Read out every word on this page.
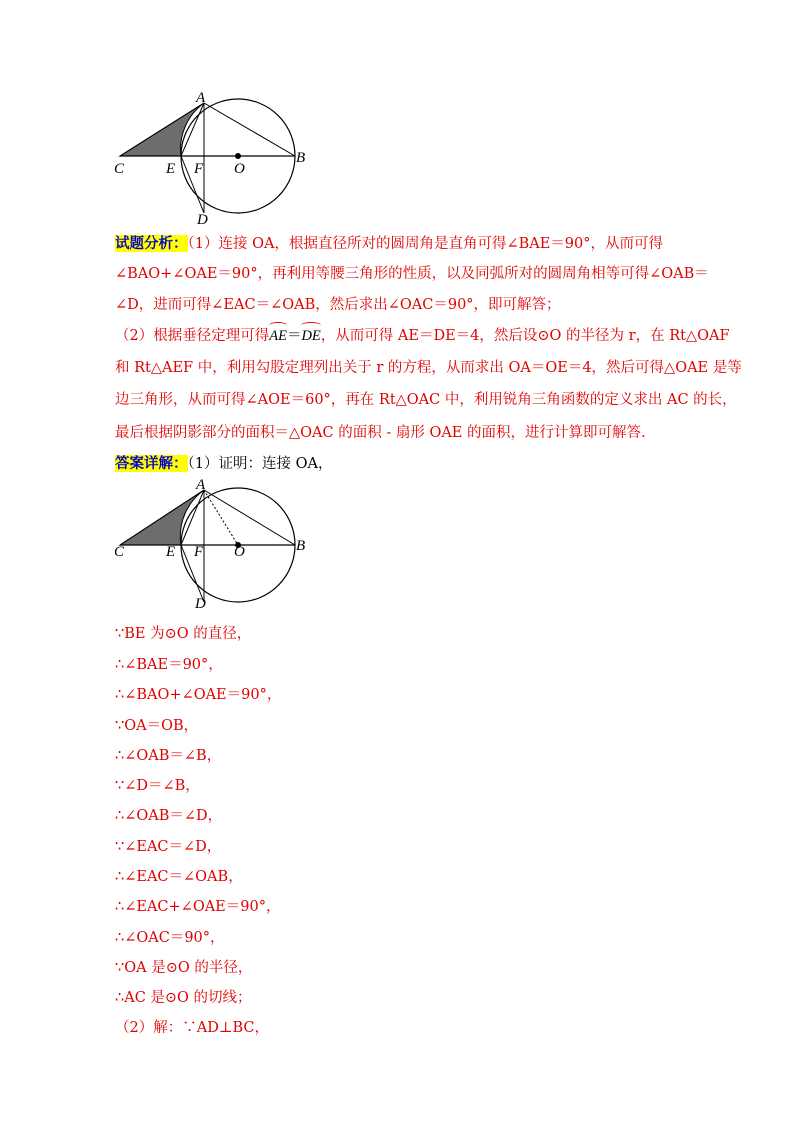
A
B
C	E F O
D
试题分析：（1）连接 OA，根据直径所对的圆周角是直角可得∠BAE＝90°，从而可得
∠BAO+∠OAE＝90°，再利用等腰三角形的性质，以及同弧所对的圆周角相等可得∠OAB＝
∠D，进而可得∠EAC＝∠OAB，然后求出∠OAC＝90°，即可解答；
（2）根据垂径定理可得AE＝DE，从而可得 AE＝DE＝4，然后设⊙O 的半径为 r，在 Rt△OAF
和 Rt△AEF 中，利用勾股定理列出关于 r 的方程，从而求出 OA＝OE＝4，然后可得△OAE 是等
边三角形，从而可得∠AOE＝60°，再在 Rt△OAC 中，利用锐角三角函数的定义求出 AC 的长，
最后根据阴影部分的面积＝△OAC 的面积 - 扇形 OAE 的面积，进行计算即可解答.
答案详解：（1）证明：连接 OA，
A
B
C	E F O
D
∵BE 为⊙O 的直径，
∴∠BAE＝90°，
∴∠BAO+∠OAE＝90°，
∵OA＝OB，
∴∠OAB＝∠B，
∵∠D＝∠B，
∴∠OAB＝∠D，
∵∠EAC＝∠D，
∴∠EAC＝∠OAB，
∴∠EAC+∠OAE＝90°，
∴∠OAC＝90°，
∵OA 是⊙O 的半径，
∴AC 是⊙O 的切线；
（2）解：∵AD⊥BC，
